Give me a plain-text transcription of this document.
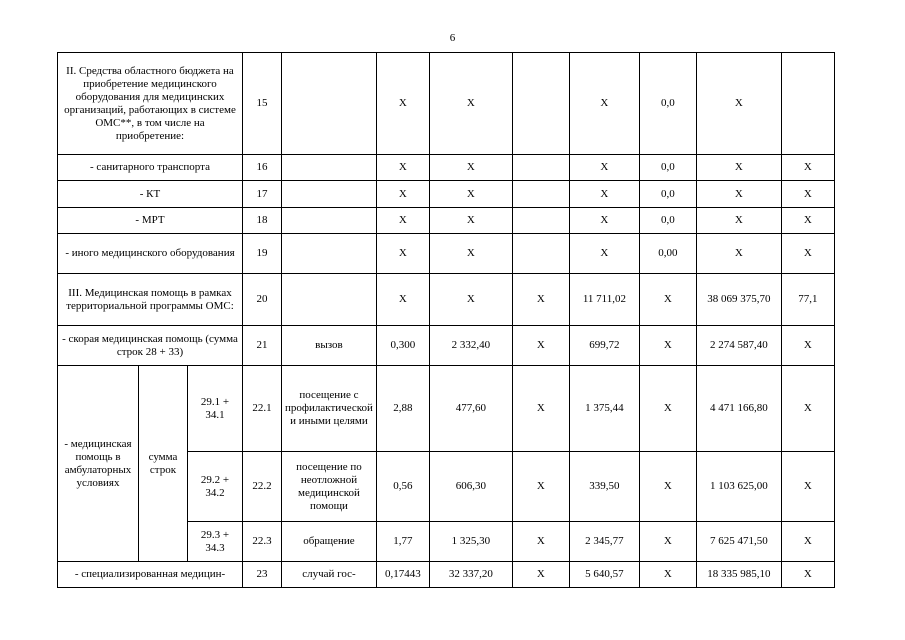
6
II. Средства областного бюджета на приобретение медицинского оборудования для медицинских организаций, работающих в системе ОМС**, в том числе на приобретение:			15		X	X		X	0,0	X	
- санитарного транспорта			16		X	X		X	0,0	X	X
- КТ			17		X	X		X	0,0	X	X
- МРТ			18		X	X		X	0,0	X	X
- иного медицинского оборудования			19		X	X		X	0,00	X	X
III. Медицинская помощь в рамках территориальной программы ОМС:			20		X	X	X	11 711,02	X	38 069 375,70	77,1
- скорая медицинская помощь (сумма строк 28 + 33)			21	вызов	0,300	2 332,40	X	699,72	X	2 274 587,40	X
- медицинская помощь в амбулаторных условиях	сумма строк	29.1 + 34.1	22.1	посещение с профилактической и иными целями	2,88	477,60	X	1 375,44	X	4 471 166,80	X
		29.2 + 34.2	22.2	посещение по неотложной медицинской помощи	0,56	606,30	X	339,50	X	1 103 625,00	X
		29.3 + 34.3	22.3	обращение	1,77	1 325,30	X	2 345,77	X	7 625 471,50	X
- специализированная медицин-			23	случай гос-	0,17443	32 337,20	X	5 640,57	X	18 335 985,10	X
